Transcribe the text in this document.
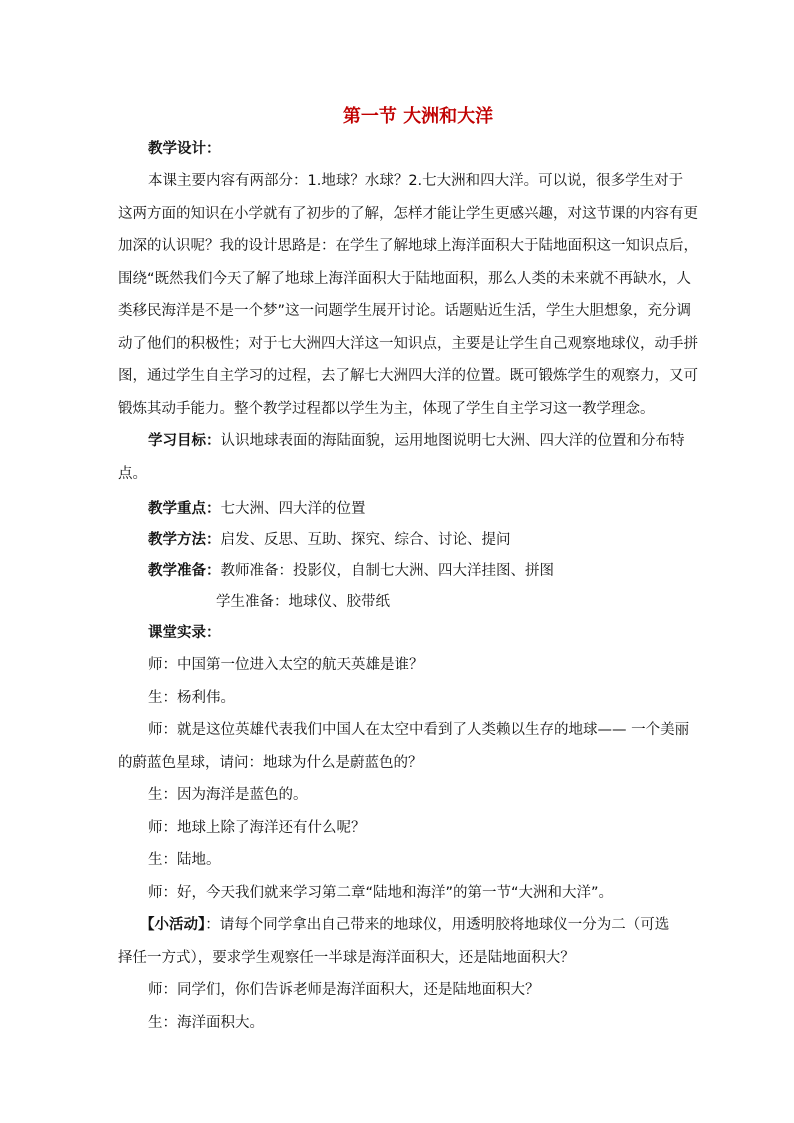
第一节 大洲和大洋
教学设计：
本课主要内容有两部分：1.地球？水球？2.七大洲和四大洋。可以说，很多学生对于
这两方面的知识在小学就有了初步的了解，怎样才能让学生更感兴趣，对这节课的内容有更
加深的认识呢？我的设计思路是：在学生了解地球上海洋面积大于陆地面积这一知识点后，
围绕“既然我们今天了解了地球上海洋面积大于陆地面积，那么人类的未来就不再缺水，人
类移民海洋是不是一个梦”这一问题学生展开讨论。话题贴近生活，学生大胆想象，充分调
动了他们的积极性；对于七大洲四大洋这一知识点，主要是让学生自己观察地球仪，动手拼
图，通过学生自主学习的过程，去了解七大洲四大洋的位置。既可锻炼学生的观察力，又可
锻炼其动手能力。整个教学过程都以学生为主，体现了学生自主学习这一教学理念。
学习目标：认识地球表面的海陆面貌，运用地图说明七大洲、四大洋的位置和分布特
点。
教学重点：七大洲、四大洋的位置
教学方法：启发、反思、互助、探究、综合、讨论、提问
教学准备：教师准备：投影仪，自制七大洲、四大洋挂图、拼图
学生准备：地球仪、胶带纸
课堂实录：
师：中国第一位进入太空的航天英雄是谁？
生：杨利伟。
师：就是这位英雄代表我们中国人在太空中看到了人类赖以生存的地球—— 一个美丽
的蔚蓝色星球，请问：地球为什么是蔚蓝色的？
生：因为海洋是蓝色的。
师：地球上除了海洋还有什么呢？
生：陆地。
师：好，今天我们就来学习第二章“陆地和海洋”的第一节“大洲和大洋”。
【小活动】：请每个同学拿出自己带来的地球仪，用透明胶将地球仪一分为二（可选
择任一方式），要求学生观察任一半球是海洋面积大，还是陆地面积大？
师：同学们，你们告诉老师是海洋面积大，还是陆地面积大？
生：海洋面积大。
